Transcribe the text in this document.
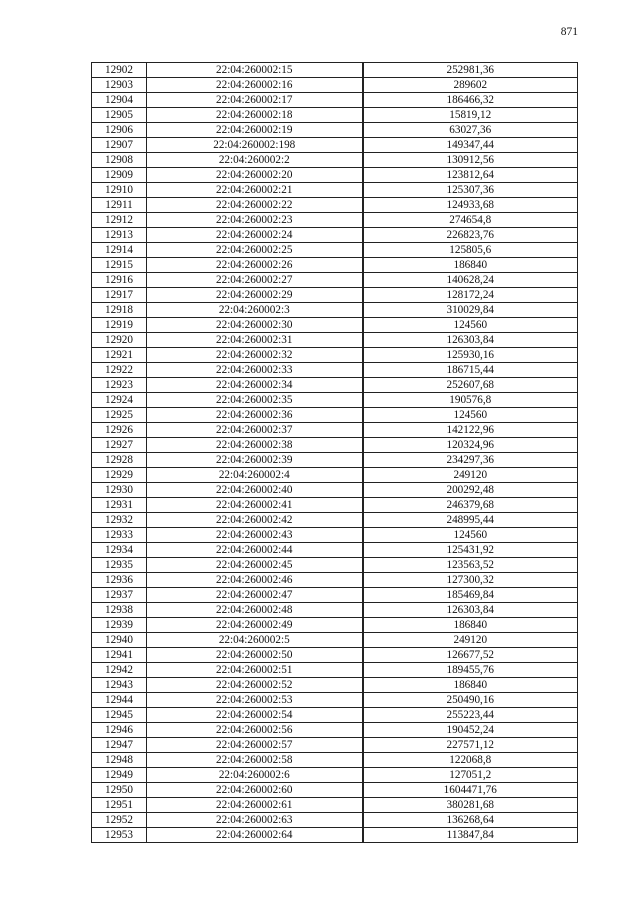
871
12902	22:04:260002:15	252981,36
12903	22:04:260002:16	289602
12904	22:04:260002:17	186466,32
12905	22:04:260002:18	15819,12
12906	22:04:260002:19	63027,36
12907	22:04:260002:198	149347,44
12908	22:04:260002:2	130912,56
12909	22:04:260002:20	123812,64
12910	22:04:260002:21	125307,36
12911	22:04:260002:22	124933,68
12912	22:04:260002:23	274654,8
12913	22:04:260002:24	226823,76
12914	22:04:260002:25	125805,6
12915	22:04:260002:26	186840
12916	22:04:260002:27	140628,24
12917	22:04:260002:29	128172,24
12918	22:04:260002:3	310029,84
12919	22:04:260002:30	124560
12920	22:04:260002:31	126303,84
12921	22:04:260002:32	125930,16
12922	22:04:260002:33	186715,44
12923	22:04:260002:34	252607,68
12924	22:04:260002:35	190576,8
12925	22:04:260002:36	124560
12926	22:04:260002:37	142122,96
12927	22:04:260002:38	120324,96
12928	22:04:260002:39	234297,36
12929	22:04:260002:4	249120
12930	22:04:260002:40	200292,48
12931	22:04:260002:41	246379,68
12932	22:04:260002:42	248995,44
12933	22:04:260002:43	124560
12934	22:04:260002:44	125431,92
12935	22:04:260002:45	123563,52
12936	22:04:260002:46	127300,32
12937	22:04:260002:47	185469,84
12938	22:04:260002:48	126303,84
12939	22:04:260002:49	186840
12940	22:04:260002:5	249120
12941	22:04:260002:50	126677,52
12942	22:04:260002:51	189455,76
12943	22:04:260002:52	186840
12944	22:04:260002:53	250490,16
12945	22:04:260002:54	255223,44
12946	22:04:260002:56	190452,24
12947	22:04:260002:57	227571,12
12948	22:04:260002:58	122068,8
12949	22:04:260002:6	127051,2
12950	22:04:260002:60	1604471,76
12951	22:04:260002:61	380281,68
12952	22:04:260002:63	136268,64
12953	22:04:260002:64	113847,84
